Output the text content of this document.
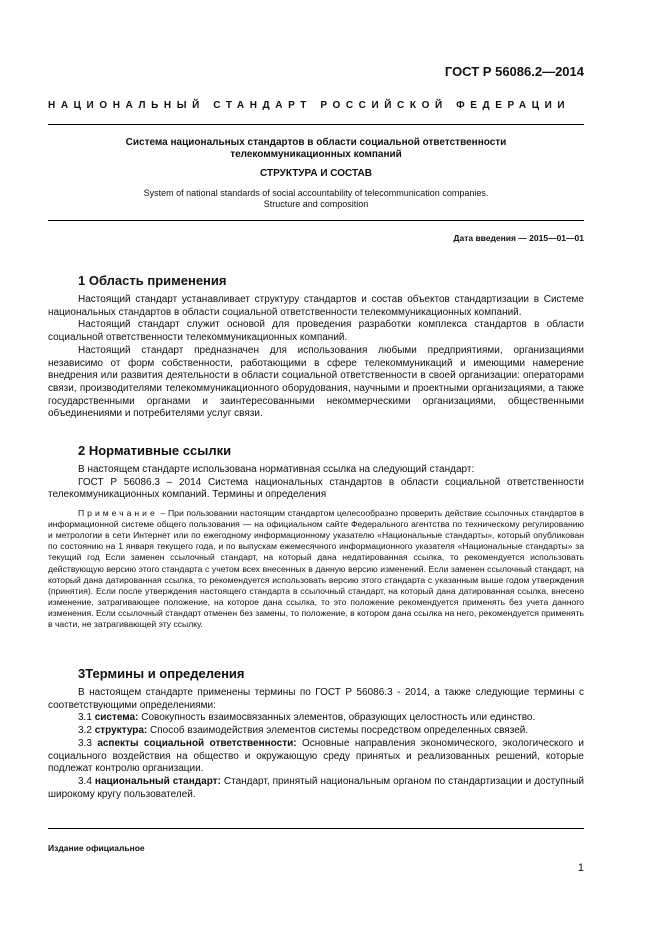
ГОСТ Р 56086.2—2014
НАЦИОНАЛЬНЫЙ СТАНДАРТ РОССИЙСКОЙ ФЕДЕРАЦИИ
Система национальных стандартов в области социальной ответственности
телекоммуникационных компаний
СТРУКТУРА И СОСТАВ
System of national standards of social accountability of telecommunication companies.
Structure and composition
Дата введения — 2015—01—01
1 Область применения
Настоящий стандарт устанавливает структуру стандартов и состав объектов стандартизации в Системе национальных стандартов в области социальной ответственности телекоммуникационных компаний.
Настоящий стандарт служит основой для проведения разработки комплекса стандартов в области социальной ответственности телекоммуникационных компаний.
Настоящий стандарт предназначен для использования любыми предприятиями, организациями независимо от форм собственности, работающими в сфере телекоммуникаций и имеющими намерение внедрения или развития деятельности в области социальной ответственности в своей организации: операторами связи, производителями телекоммуникационного оборудования, научными и проектными организациями, а также государственными органами и заинтересованными некоммерческими организациями, общественными объединениями и потребителями услуг связи.
2 Нормативные ссылки
В настоящем стандарте использована нормативная ссылка на следующий стандарт:
ГОСТ Р 56086.3 – 2014 Система национальных стандартов в области социальной ответственности телекоммуникационных компаний. Термины и определения
Примечание – При пользовании настоящим стандартом целесообразно проверить действие ссылочных стандартов в информационной системе общего пользования — на официальном сайте Федерального агентства по техническому регулированию и метрологии в сети Интернет или по ежегодному информационному указателю «Национальные стандарты», который опубликован по состоянию на 1 января текущего года, и по выпускам ежемесячного информационного указателя «Национальные стандарты» за текущий год Если заменен ссылочный стандарт, на который дана недатированная ссылка, то рекомендуется использовать действующую версию этого стандарта с учетом всех внесенных в данную версию изменений. Если заменен ссылочный стандарт, на который дана датированная ссылка, то рекомендуется использовать версию этого стандарта с указанным выше годом утверждения (принятия). Если после утверждения настоящего стандарта в ссылочный стандарт, на который дана датированная ссылка, внесено изменение, затрагивающее положение, на которое дана ссылка, то это положение рекомендуется применять без учета данного изменения. Если ссылочный стандарт отменен без замены, то положение, в котором дана ссылка на него, рекомендуется применять в части, не затрагивающей эту ссылку.
3Термины и определения
В настоящем стандарте применены термины по ГОСТ Р 56086.3 - 2014, а также следующие термины с соответствующими определениями:
3.1 система: Совокупность взаимосвязанных элементов, образующих целостность или единство.
3.2 структура: Способ взаимодействия элементов системы посредством определенных связей.
3.3 аспекты социальной ответственности: Основные направления экономического, экологического и социального воздействия на общество и окружающую среду принятых и реализованных решений, которые подлежат контролю организации.
3.4 национальный стандарт: Стандарт, принятый национальным органом по стандартизации и доступный широкому кругу пользователей.
Издание официальное
1
